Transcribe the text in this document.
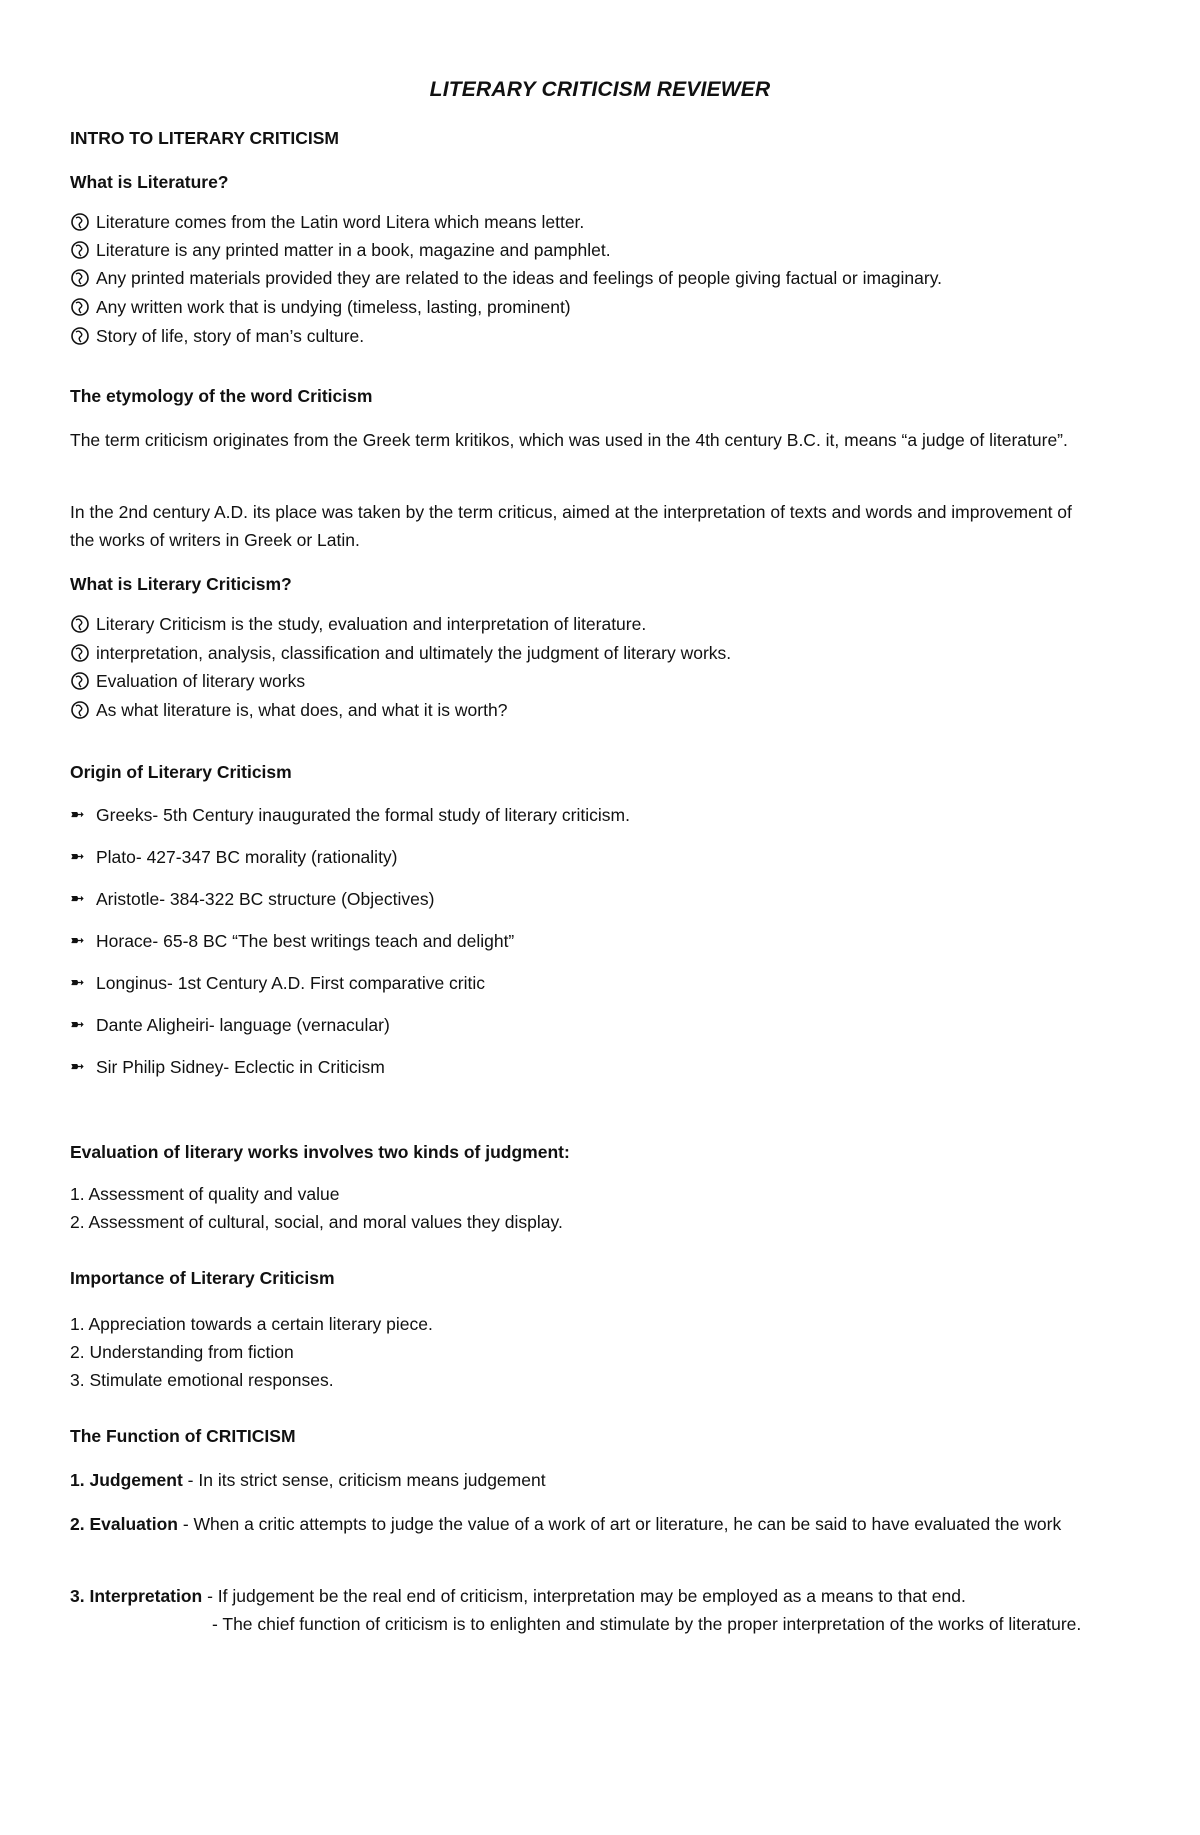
LITERARY CRITICISM REVIEWER
INTRO TO LITERARY CRITICISM
What is Literature?
Literature comes from the Latin word Litera which means letter.
Literature is any printed matter in a book, magazine and pamphlet.
Any printed materials provided they are related to the ideas and feelings of people giving factual or imaginary.
Any written work that is undying (timeless, lasting, prominent)
Story of life, story of man’s culture.
The etymology of the word Criticism
The term criticism originates from the Greek term kritikos, which was used in the 4th century B.C. it, means “a judge of literature”.
In the 2nd century A.D. its place was taken by the term criticus, aimed at the interpretation of texts and words and improvement of the works of writers in Greek or Latin.
What is Literary Criticism?
Literary Criticism is the study, evaluation and interpretation of literature.
interpretation, analysis, classification and ultimately the judgment of literary works.
Evaluation of literary works
As what literature is, what does, and what it is worth?
Origin of Literary Criticism
➼ Greeks- 5th Century inaugurated the formal study of literary criticism.
➼ Plato- 427-347 BC morality (rationality)
➼ Aristotle- 384-322 BC structure (Objectives)
➼ Horace- 65-8 BC “The best writings teach and delight”
➼ Longinus- 1st Century A.D. First comparative critic
➼ Dante Aligheiri- language (vernacular)
➼ Sir Philip Sidney- Eclectic in Criticism
Evaluation of literary works involves two kinds of judgment:
1. Assessment of quality and value
2. Assessment of cultural, social, and moral values they display.
Importance of Literary Criticism
1. Appreciation towards a certain literary piece.
2. Understanding from fiction
3. Stimulate emotional responses.
The Function of CRITICISM
1. Judgement - In its strict sense, criticism means judgement
2. Evaluation - When a critic attempts to judge the value of a work of art or literature, he can be said to have evaluated the work
3. Interpretation - If judgement be the real end of criticism, interpretation may be employed as a means to that end.
- The chief function of criticism is to enlighten and stimulate by the proper interpretation of the works of literature.
